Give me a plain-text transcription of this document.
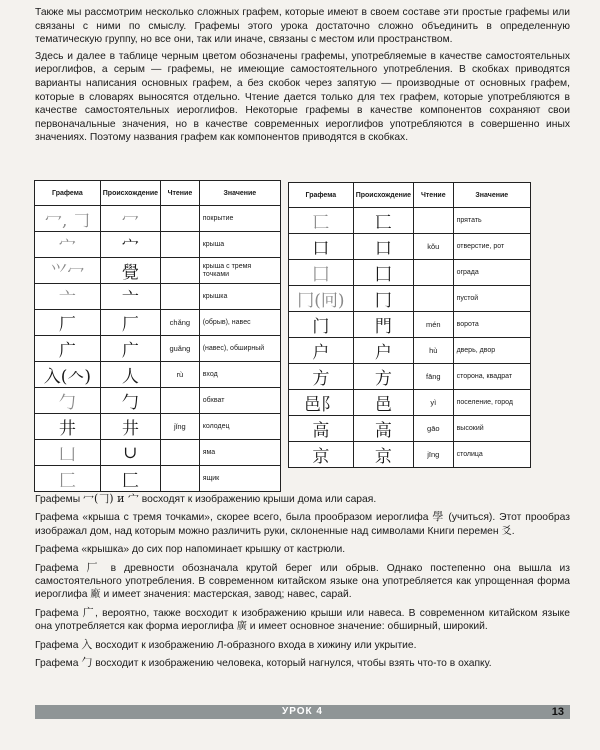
Также мы рассмотрим несколько сложных графем, которые имеют в своем составе эти простые графемы или связаны с ними по смыслу. Графемы этого урока достаточно сложно объединить в определенную тематическую группу, но все они, так или иначе, связаны с местом или пространством.

Здесь и далее в таблице черным цветом обозначены графемы, употребляемые в качестве самостоятельных иероглифов, а серым — графемы, не имеющие самостоятельного употребления. В скобках приводятся варианты написания основных графем, а без скобок через запятую — производные от основных графем, которые в словарях выносятся отдельно. Чтение дается только для тех графем, которые употребляются в качестве самостоятельных иероглифов. Некоторые графемы в качестве компонентов сохраняют свои первоначальные значения, но в качестве современных иероглифов употребляются в совершенно иных значениях. Поэтому названия графем как компонентов приводятся в скобках.

Графема	Происхождение	Чтение	Значение
冖, 𠃌	冖		покрытие
宀	宀		крыша
⺍冖	覺		крыша с тремя точками
亠	亠		крышка
厂	厂	chǎng	(обрыв), навес
广	广	guǎng	(навес), обширный
入(𠆢)	人	rù	вход
勹	勹		обхват
井	井	jǐng	колодец
凵	∪		яма
匚	匚		ящик
Графема	Происхождение	Чтение	Значение
匸	匸		прятать
口	口	kǒu	отверстие, рот
囗	囗		ограда
冂(冋)	冂		пустой
门	門	mén	ворота
户	户	hù	дверь, двор
方	方	fāng	сторона, квадрат
邑阝	邑	yì	поселение, город
高	高	gāo	высокий
京	京	jīng	столица

Графемы 冖(𠃌) и 宀 восходят к изображению крыши дома или сарая.

Графема «крыша с тремя точками», скорее всего, была прообразом иероглифа 學 (учиться). Этот прообраз изображал дом, над которым можно различить руки, склоненные над символами Книги перемен 爻.

Графема «крышка» до сих пор напоминает крышку от кастрюли.

Графема 厂 в древности обозначала крутой берег или обрыв. Однако постепенно она вышла из самостоятельного употребления. В современном китайском языке она употребляется как упрощенная форма иероглифа 廠 и имеет значения: мастерская, завод; навес, сарай.

Графема 广, вероятно, также восходит к изображению крыши или навеса. В современном китайском языке она употребляется как форма иероглифа 廣 и имеет основное значение: обширный, широкий.

Графема 入 восходит к изображению Л-образного входа в хижину или укрытие.

Графема 勹 восходит к изображению человека, который нагнулся, чтобы взять что-то в охапку.

УРОК 4	13
